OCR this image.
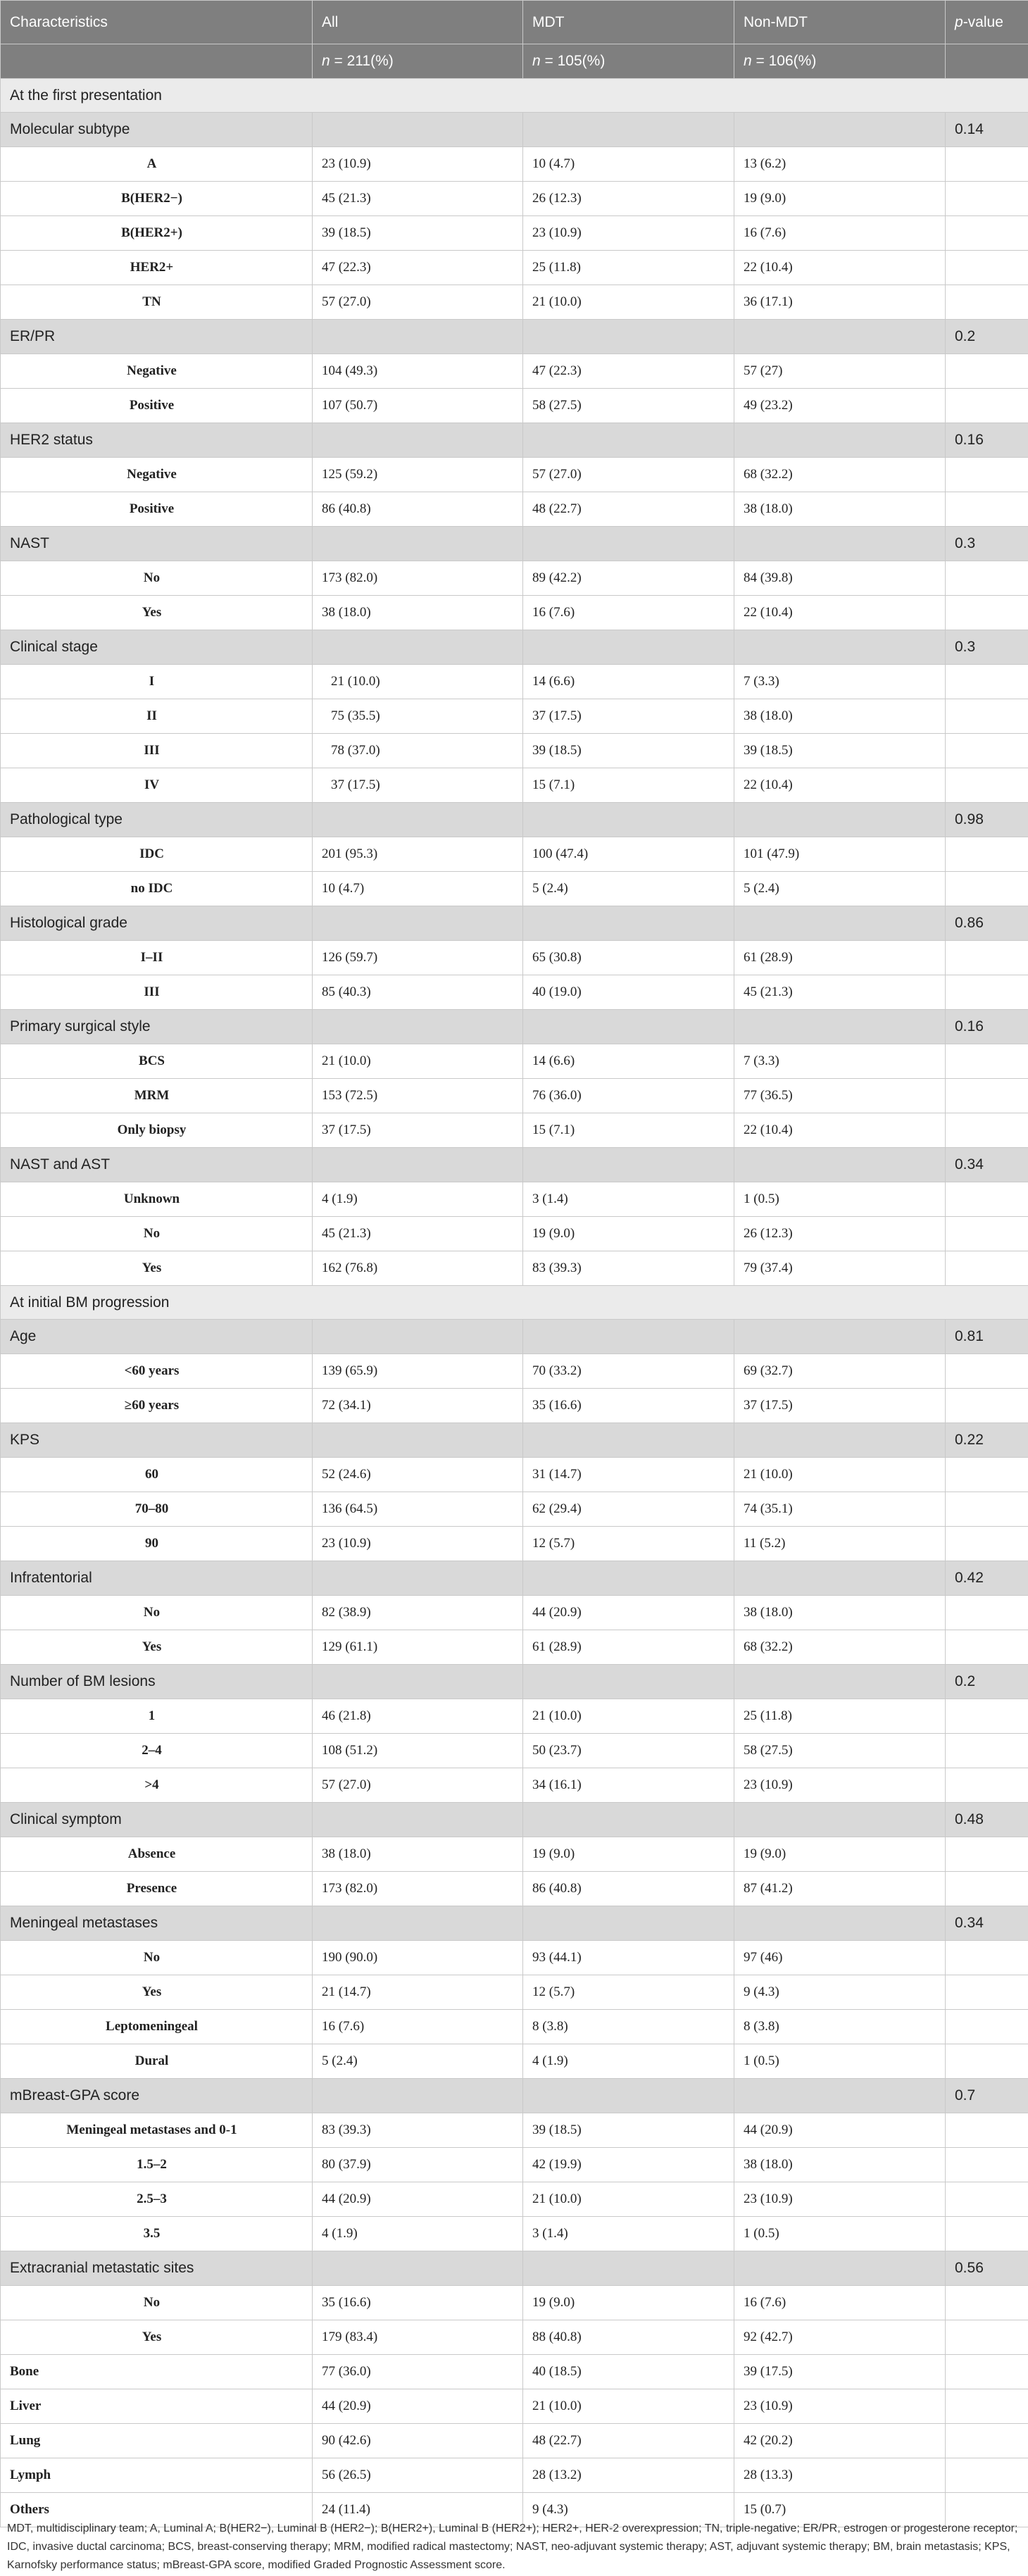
Characteristics	All	MDT	Non-MDT	p-value
	n = 211(%)	n = 105(%)	n = 106(%)	
At the first presentation				
Molecular subtype				0.14
A	23 (10.9)	10 (4.7)	13 (6.2)	
B(HER2−)	45 (21.3)	26 (12.3)	19 (9.0)	
B(HER2+)	39 (18.5)	23 (10.9)	16 (7.6)	
HER2+	47 (22.3)	25 (11.8)	22 (10.4)	
TN	57 (27.0)	21 (10.0)	36 (17.1)	
ER/PR				0.2
Negative	104 (49.3)	47 (22.3)	57 (27)	
Positive	107 (50.7)	58 (27.5)	49 (23.2)	
HER2 status				0.16
Negative	125 (59.2)	57 (27.0)	68 (32.2)	
Positive	86 (40.8)	48 (22.7)	38 (18.0)	
NAST				0.3
No	173 (82.0)	89 (42.2)	84 (39.8)	
Yes	38 (18.0)	16 (7.6)	22 (10.4)	
Clinical stage				0.3
I	21 (10.0)	14 (6.6)	7 (3.3)	
II	75 (35.5)	37 (17.5)	38 (18.0)	
III	78 (37.0)	39 (18.5)	39 (18.5)	
IV	37 (17.5)	15 (7.1)	22 (10.4)	
Pathological type				0.98
IDC	201 (95.3)	100 (47.4)	101 (47.9)	
no IDC	10 (4.7)	5 (2.4)	5 (2.4)	
Histological grade				0.86
I–II	126 (59.7)	65 (30.8)	61 (28.9)	
III	85 (40.3)	40 (19.0)	45 (21.3)	
Primary surgical style				0.16
BCS	21 (10.0)	14 (6.6)	7 (3.3)	
MRM	153 (72.5)	76 (36.0)	77 (36.5)	
Only biopsy	37 (17.5)	15 (7.1)	22 (10.4)	
NAST and AST				0.34
Unknown	4 (1.9)	3 (1.4)	1 (0.5)	
No	45 (21.3)	19 (9.0)	26 (12.3)	
Yes	162 (76.8)	83 (39.3)	79 (37.4)	
At initial BM progression				
Age				0.81
<60 years	139 (65.9)	70 (33.2)	69 (32.7)	
≥60 years	72 (34.1)	35 (16.6)	37 (17.5)	
KPS				0.22
60	52 (24.6)	31 (14.7)	21 (10.0)	
70–80	136 (64.5)	62 (29.4)	74 (35.1)	
90	23 (10.9)	12 (5.7)	11 (5.2)	
Infratentorial				0.42
No	82 (38.9)	44 (20.9)	38 (18.0)	
Yes	129 (61.1)	61 (28.9)	68 (32.2)	
Number of BM lesions				0.2
1	46 (21.8)	21 (10.0)	25 (11.8)	
2–4	108 (51.2)	50 (23.7)	58 (27.5)	
>4	57 (27.0)	34 (16.1)	23 (10.9)	
Clinical symptom				0.48
Absence	38 (18.0)	19 (9.0)	19 (9.0)	
Presence	173 (82.0)	86 (40.8)	87 (41.2)	
Meningeal metastases				0.34
No	190 (90.0)	93 (44.1)	97 (46)	
Yes	21 (14.7)	12 (5.7)	9 (4.3)	
Leptomeningeal	16 (7.6)	8 (3.8)	8 (3.8)	
Dural	5 (2.4)	4 (1.9)	1 (0.5)	
mBreast-GPA score				0.7
Meningeal metastases and 0-1	83 (39.3)	39 (18.5)	44 (20.9)	
1.5–2	80 (37.9)	42 (19.9)	38 (18.0)	
2.5–3	44 (20.9)	21 (10.0)	23 (10.9)	
3.5	4 (1.9)	3 (1.4)	1 (0.5)	
Extracranial metastatic sites				0.56
No	35 (16.6)	19 (9.0)	16 (7.6)	
Yes	179 (83.4)	88 (40.8)	92 (42.7)	
Bone	77 (36.0)	40 (18.5)	39 (17.5)	
Liver	44 (20.9)	21 (10.0)	23 (10.9)	
Lung	90 (42.6)	48 (22.7)	42 (20.2)	
Lymph	56 (26.5)	28 (13.2)	28 (13.3)	
Others	24 (11.4)	9 (4.3)	15 (0.7)	
MDT, multidisciplinary team; A, Luminal A; B(HER2−), Luminal B (HER2−); B(HER2+), Luminal B (HER2+); HER2+, HER-2 overexpression; TN, triple-negative; ER/PR, estrogen or progesterone receptor; IDC, invasive ductal carcinoma; BCS, breast-conserving therapy; MRM, modified radical mastectomy; NAST, neo-adjuvant systemic therapy; AST, adjuvant systemic therapy; BM, brain metastasis; KPS, Karnofsky performance status; mBreast-GPA score, modified Graded Prognostic Assessment score.
